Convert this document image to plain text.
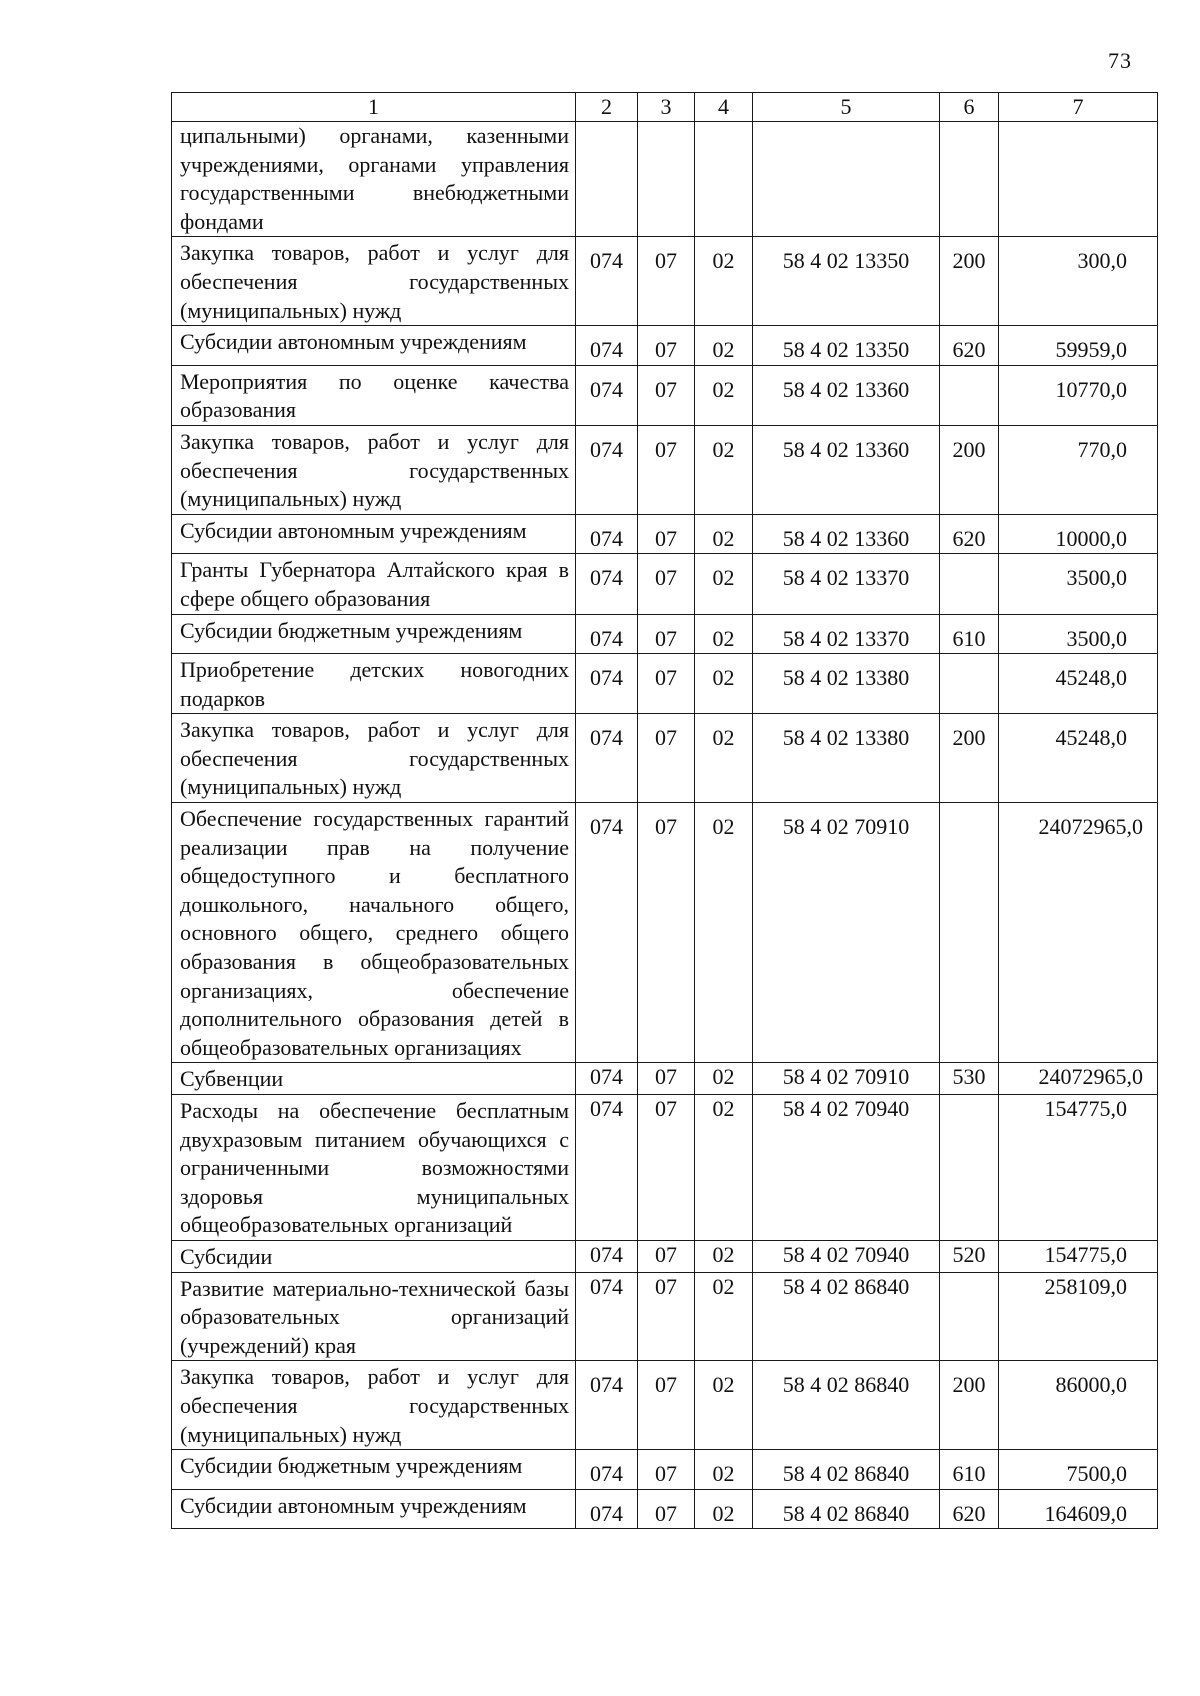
73
1	2	3	4	5	6	7
ципальными) органами, казенными учреждениями, органами управления государственными внебюджетными фондами						
Закупка товаров, работ и услуг для обеспечения государственных (муниципальных) нужд	074	07	02	58 4 02 13350	200	300,0
Субсидии автономным учреждениям	074	07	02	58 4 02 13350	620	59959,0
Мероприятия по оценке качества образования	074	07	02	58 4 02 13360		10770,0
Закупка товаров, работ и услуг для обеспечения государственных (муниципальных) нужд	074	07	02	58 4 02 13360	200	770,0
Субсидии автономным учреждениям	074	07	02	58 4 02 13360	620	10000,0
Гранты Губернатора Алтайского края в сфере общего образования	074	07	02	58 4 02 13370		3500,0
Субсидии бюджетным учреждениям	074	07	02	58 4 02 13370	610	3500,0
Приобретение детских новогодних подарков	074	07	02	58 4 02 13380		45248,0
Закупка товаров, работ и услуг для обеспечения государственных (муниципальных) нужд	074	07	02	58 4 02 13380	200	45248,0
Обеспечение государственных гарантий реализации прав на получение общедоступного и бесплатного дошкольного, начального общего, основного общего, среднего общего образования в общеобразовательных организациях, обеспечение дополнительного образования детей в общеобразовательных организациях	074	07	02	58 4 02 70910		24072965,0
Субвенции	074	07	02	58 4 02 70910	530	24072965,0
Расходы на обеспечение бесплатным двухразовым питанием обучающихся с ограниченными возможностями здоровья муниципальных общеобразовательных организаций	074	07	02	58 4 02 70940		154775,0
Субсидии	074	07	02	58 4 02 70940	520	154775,0
Развитие материально-технической базы образовательных организаций (учреждений) края	074	07	02	58 4 02 86840		258109,0
Закупка товаров, работ и услуг для обеспечения государственных (муниципальных) нужд	074	07	02	58 4 02 86840	200	86000,0
Субсидии бюджетным учреждениям	074	07	02	58 4 02 86840	610	7500,0
Субсидии автономным учреждениям	074	07	02	58 4 02 86840	620	164609,0
